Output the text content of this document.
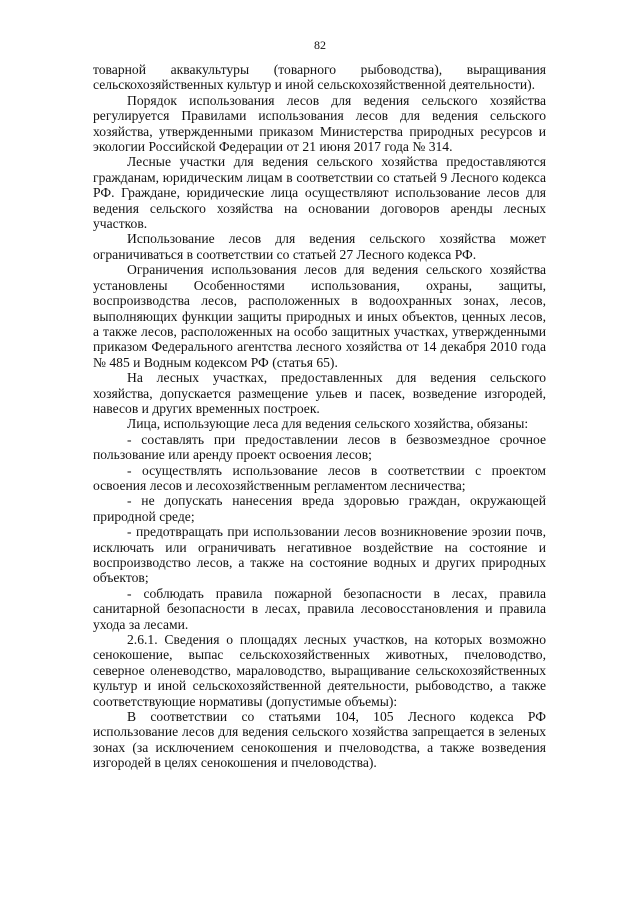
82

товарной аквакультуры (товарного рыбоводства), выращивания сельскохозяйственных культур и иной сельскохозяйственной деятельности).

Порядок использования лесов для ведения сельского хозяйства регулируется Правилами использования лесов для ведения сельского хозяйства, утвержденными приказом Министерства природных ресурсов и экологии Российской Федерации от 21 июня 2017 года № 314.

Лесные участки для ведения сельского хозяйства предоставляются гражданам, юридическим лицам в соответствии со статьей 9 Лесного кодекса РФ. Граждане, юридические лица осуществляют использование лесов для ведения сельского хозяйства на основании договоров аренды лесных участков.

Использование лесов для ведения сельского хозяйства может ограничиваться в соответствии со статьей 27 Лесного кодекса РФ.

Ограничения использования лесов для ведения сельского хозяйства установлены Особенностями использования, охраны, защиты, воспроизводства лесов, расположенных в водоохранных зонах, лесов, выполняющих функции защиты природных и иных объектов, ценных лесов, а также лесов, расположенных на особо защитных участках, утвержденными приказом Федерального агентства лесного хозяйства от 14 декабря 2010 года № 485 и Водным кодексом РФ (статья 65).

На лесных участках, предоставленных для ведения сельского хозяйства, допускается размещение ульев и пасек, возведение изгородей, навесов и других временных построек.

Лица, использующие леса для ведения сельского хозяйства, обязаны:

- составлять при предоставлении лесов в безвозмездное срочное пользование или аренду проект освоения лесов;

- осуществлять использование лесов в соответствии с проектом освоения лесов и лесохозяйственным регламентом лесничества;

- не допускать нанесения вреда здоровью граждан, окружающей природной среде;

- предотвращать при использовании лесов возникновение эрозии почв, исключать или ограничивать негативное воздействие на состояние и воспроизводство лесов, а также на состояние водных и других природных объектов;

- соблюдать правила пожарной безопасности в лесах, правила санитарной безопасности в лесах, правила лесовосстановления и правила ухода за лесами.

2.6.1. Сведения о площадях лесных участков, на которых возможно сенокошение, выпас сельскохозяйственных животных, пчеловодство, северное оленеводство, мараловодство, выращивание сельскохозяйственных культур и иной сельскохозяйственной деятельности, рыбоводство, а также соответствующие нормативы (допустимые объемы):

В соответствии со статьями 104, 105 Лесного кодекса РФ использование лесов для ведения сельского хозяйства запрещается в зеленых зонах (за исключением сенокошения и пчеловодства, а также возведения изгородей в целях сенокошения и пчеловодства).
